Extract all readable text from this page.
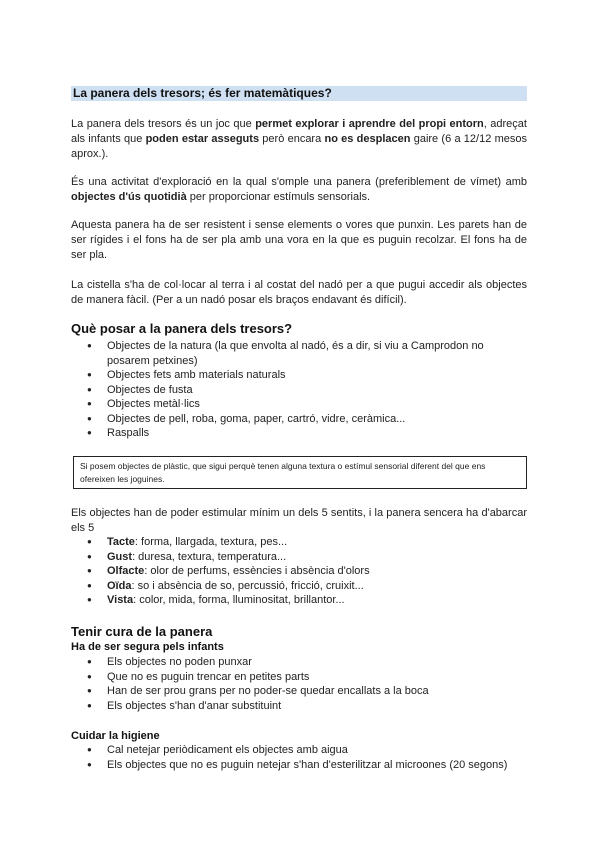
La panera dels tresors; és fer matemàtiques?

La panera dels tresors és un joc que permet explorar i aprendre del propi entorn, adreçat als infants que poden estar asseguts però encara no es desplacen gaire (6 a 12/12 mesos aprox.).

És una activitat d'exploració en la qual s'omple una panera (preferiblement de vímet) amb objectes d'ús quotidià per proporcionar estímuls sensorials.

Aquesta panera ha de ser resistent i sense elements o vores que punxin. Les parets han de ser rígides i el fons ha de ser pla amb una vora en la que es puguin recolzar. El fons ha de ser pla.

La cistella s'ha de col·locar al terra i al costat del nadó per a que pugui accedir als objectes de manera fàcil. (Per a un nadó posar els braços endavant és difícil).

Què posar a la panera dels tresors?
● Objectes de la natura (la que envolta al nadó, és a dir, si viu a Camprodon no posarem petxines)
● Objectes fets amb materials naturals
● Objectes de fusta
● Objectes metàl·lics
● Objectes de pell, roba, goma, paper, cartró, vidre, ceràmica...
● Raspalls
Si posem objectes de plàstic, que sigui perquè tenen alguna textura o estímul sensorial diferent del que ens ofereixen les joguines.

Els objectes han de poder estimular mínim un dels 5 sentits, i la panera sencera ha d'abarcar els 5

● Tacte: forma, llargada, textura, pes...
● Gust: duresa, textura, temperatura...
● Olfacte: olor de perfums, essències i absència d'olors
● Oïda: so i absència de so, percussió, fricció, cruixit...
● Vista: color, mida, forma, lluminositat, brillantor...
Tenir cura de la panera
Ha de ser segura pels infants
● Els objectes no poden punxar
● Que no es puguin trencar en petites parts
● Han de ser prou grans per no poder-se quedar encallats a la boca
● Els objectes s'han d'anar substituint
Cuidar la higiene
● Cal netejar periòdicament els objectes amb aigua
● Els objectes que no es puguin netejar s'han d'esterilitzar al microones (20 segons)
